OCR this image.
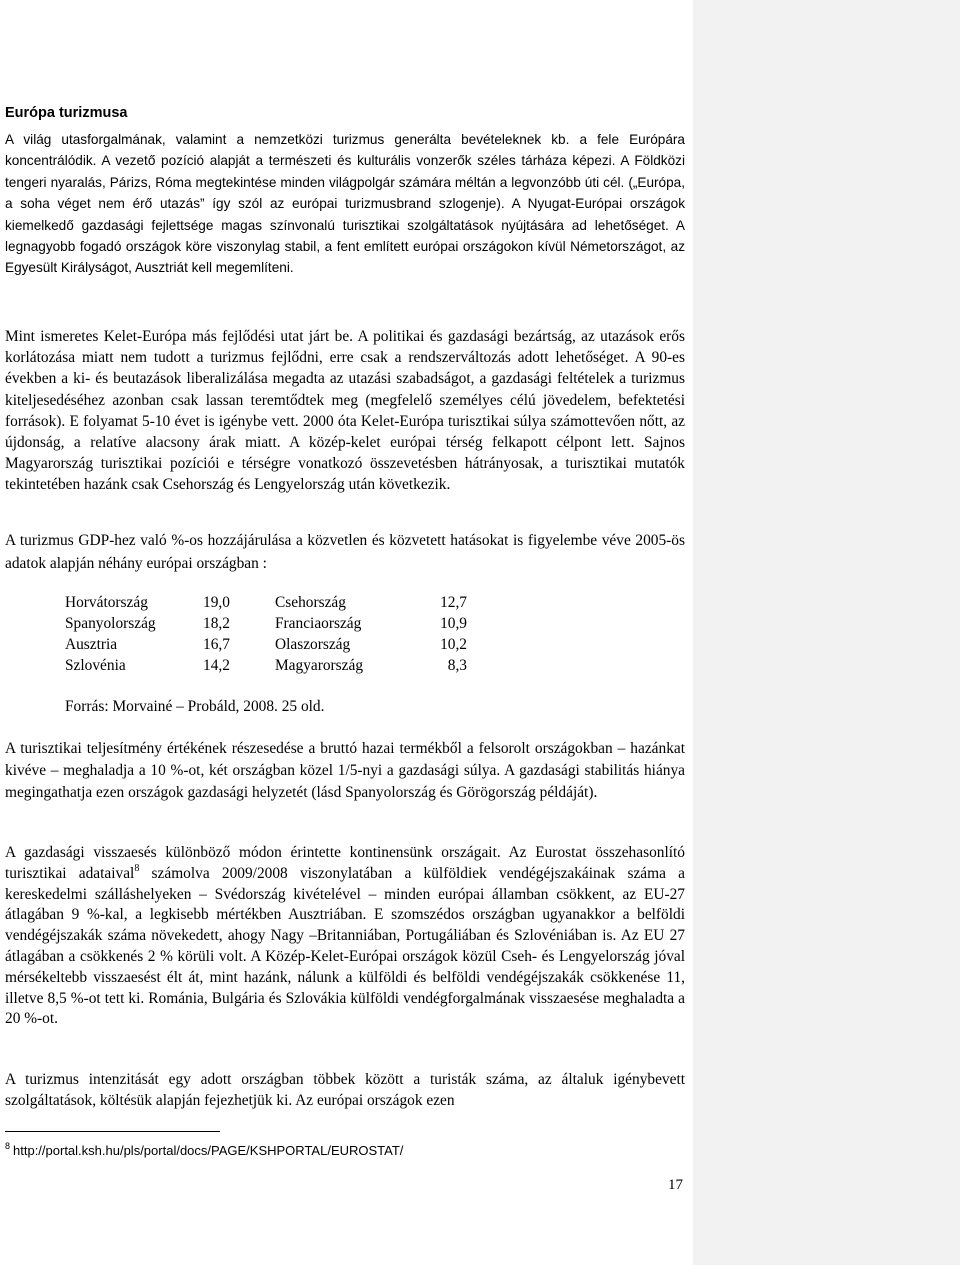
Európa turizmusa

A világ utasforgalmának, valamint a nemzetközi turizmus generálta bevételeknek kb. a fele Európára koncentrálódik. A vezető pozíció alapját a természeti és kulturális vonzerők széles tárháza képezi. A Földközi tengeri nyaralás, Párizs, Róma megtekintése minden világpolgár számára méltán a legvonzóbb úti cél. („Európa, a soha véget nem érő utazás” így szól az európai turizmusbrand szlogenje). A Nyugat-Európai országok kiemelkedő gazdasági fejlettsége magas színvonalú turisztikai szolgáltatások nyújtására ad lehetőséget. A legnagyobb fogadó országok köre viszonylag stabil, a fent említett európai országokon kívül Németországot, az Egyesült Királyságot, Ausztriát kell megemlíteni.

Mint ismeretes Kelet-Európa más fejlődési utat járt be. A politikai és gazdasági bezártság, az utazások erős korlátozása miatt nem tudott a turizmus fejlődni, erre csak a rendszerváltozás adott lehetőséget. A 90-es években a ki- és beutazások liberalizálása megadta az utazási szabadságot, a gazdasági feltételek a turizmus kiteljesedéséhez azonban csak lassan teremtődtek meg (megfelelő személyes célú jövedelem, befektetési források). E folyamat 5-10 évet is igénybe vett. 2000 óta Kelet-Európa turisztikai súlya számottevően nőtt, az újdonság, a relatíve alacsony árak miatt. A közép-kelet európai térség felkapott célpont lett. Sajnos Magyarország turisztikai pozíciói e térségre vonatkozó összevetésben hátrányosak, a turisztikai mutatók tekintetében hazánk csak Csehország és Lengyelország után következik.

A turizmus GDP-hez való %-os hozzájárulása a közvetlen és közvetett hatásokat is figyelembe véve 2005-ös adatok alapján néhány európai országban :

Horvátország	19,0	Csehország	12,7
Spanyolország	18,2	Franciaország	10,9
Ausztria	16,7	Olaszország	10,2
Szlovénia	14,2	Magyarország	8,3
Forrás: Morvainé – Probáld, 2008. 25 old.

A turisztikai teljesítmény értékének részesedése a bruttó hazai termékből a felsorolt országokban – hazánkat kivéve – meghaladja a 10 %-ot, két országban közel 1/5-nyi a gazdasági súlya. A gazdasági stabilitás hiánya megingathatja ezen országok gazdasági helyzetét (lásd Spanyolország és Görögország példáját).

A gazdasági visszaesés különböző módon érintette kontinensünk országait. Az Eurostat összehasonlító turisztikai adataival$^8$ számolva 2009/2008 viszonylatában a külföldiek vendégéjszakáinak száma a kereskedelmi szálláshelyeken – Svédország kivételével – minden európai államban csökkent, az EU-27 átlagában 9 %-kal, a legkisebb mértékben Ausztriában. E szomszédos országban ugyanakkor a belföldi vendégéjszakák száma növekedett, ahogy Nagy –Britanniában, Portugáliában és Szlovéniában is. Az EU 27 átlagában a csökkenés 2 % körüli volt. A Közép-Kelet-Európai országok közül Cseh- és Lengyelország jóval mérsékeltebb visszaesést élt át, mint hazánk, nálunk a külföldi és belföldi vendégéjszakák csökkenése 11, illetve 8,5 %-ot tett ki. Románia, Bulgária és Szlovákia külföldi vendégforgalmának visszaesése meghaladta a 20 %-ot.

A turizmus intenzitását egy adott országban többek között a turisták száma, az általuk igénybevett szolgáltatások, költésük alapján fejezhetjük ki. Az európai országok ezen

$^8$ http://portal.ksh.hu/pls/portal/docs/PAGE/KSHPORTAL/EUROSTAT/
17
